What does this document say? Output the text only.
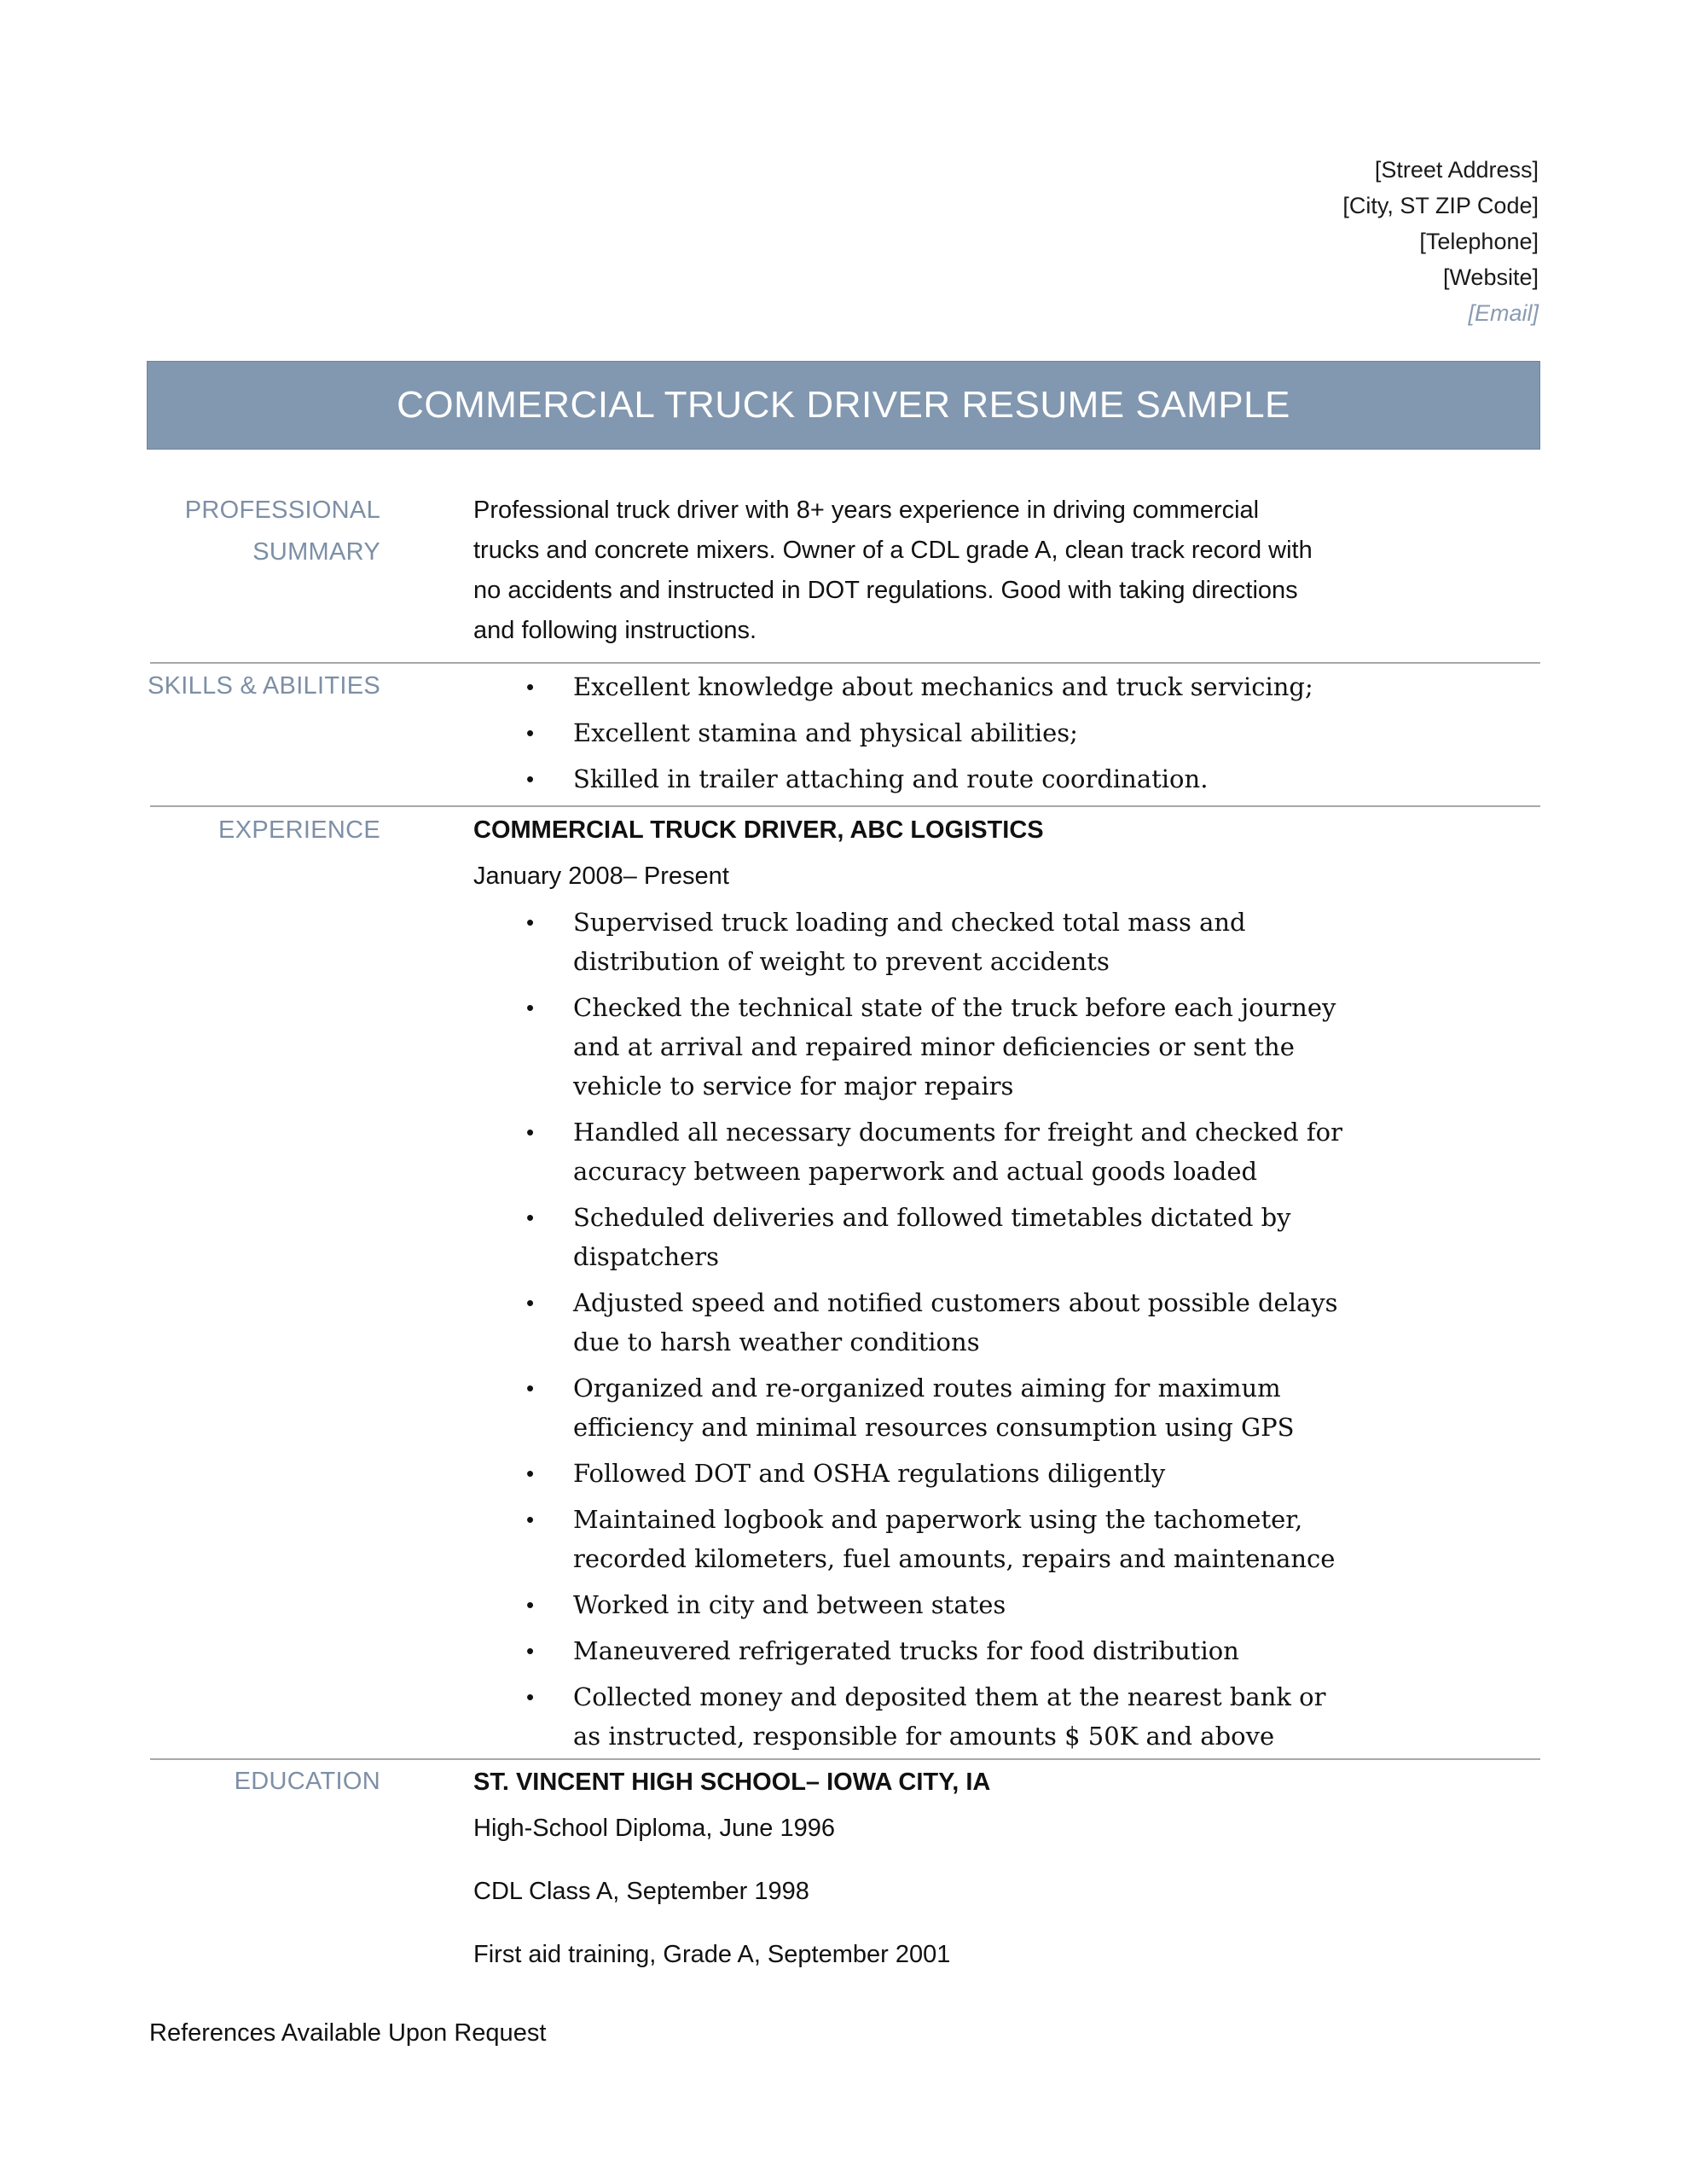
[Street Address]
[City, ST ZIP Code]
[Telephone]
[Website]
[Email]
COMMERCIAL TRUCK DRIVER RESUME SAMPLE
PROFESSIONAL
SUMMARY
Professional truck driver with 8+ years experience in driving commercial trucks and concrete mixers. Owner of a CDL grade A, clean track record with no accidents and instructed in DOT regulations. Good with taking directions and following instructions.
SKILLS & ABILITIES	• Excellent knowledge about mechanics and truck servicing;
• Excellent stamina and physical abilities;
• Skilled in trailer attaching and route coordination.
EXPERIENCE	COMMERCIAL TRUCK DRIVER, ABC LOGISTICS
January 2008– Present
• Supervised truck loading and checked total mass and distribution of weight to prevent accidents
• Checked the technical state of the truck before each journey and at arrival and repaired minor deficiencies or sent the vehicle to service for major repairs
• Handled all necessary documents for freight and checked for accuracy between paperwork and actual goods loaded
• Scheduled deliveries and followed timetables dictated by dispatchers
• Adjusted speed and notified customers about possible delays due to harsh weather conditions
• Organized and re-organized routes aiming for maximum efficiency and minimal resources consumption using GPS
• Followed DOT and OSHA regulations diligently
• Maintained logbook and paperwork using the tachometer, recorded kilometers, fuel amounts, repairs and maintenance
• Worked in city and between states
• Maneuvered refrigerated trucks for food distribution
• Collected money and deposited them at the nearest bank or as instructed, responsible for amounts $ 50K and above
EDUCATION	ST. VINCENT HIGH SCHOOL– IOWA CITY, IA
High-School Diploma, June 1996
CDL Class A, September 1998
First aid training, Grade A, September 2001
References Available Upon Request
